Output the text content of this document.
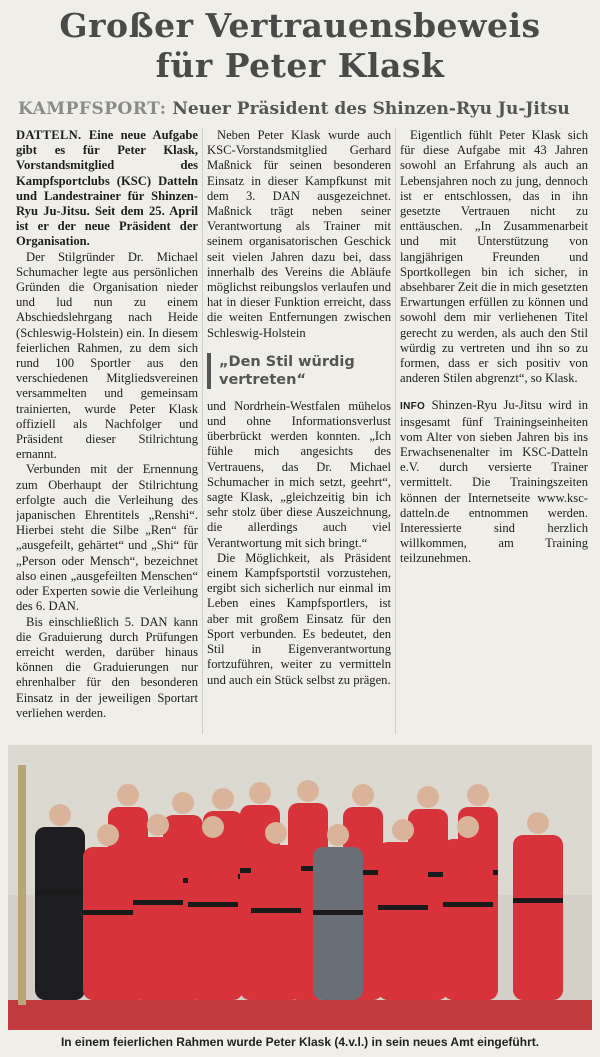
Großer Vertrauensbeweis
für Peter Klask
KAMPFSPORT: Neuer Präsident des Shinzen-Ryu Ju-Jitsu

DATTELN. Eine neue Aufgabe gibt es für Peter Klask, Vorstandsmitglied des Kampfsportclubs (KSC) Datteln und Landestrainer für Shinzen-Ryu Ju-Jitsu. Seit dem 25. April ist er der neue Präsident der Organisation.

Der Stilgründer Dr. Michael Schumacher legte aus persönlichen Gründen die Organisation nieder und lud nun zu einem Abschiedslehrgang nach Heide (Schleswig-Holstein) ein. In diesem feierlichen Rahmen, zu dem sich rund 100 Sportler aus den verschiedenen Mitgliedsvereinen versammelten und gemeinsam trainierten, wurde Peter Klask offiziell als Nachfolger und Präsident dieser Stilrichtung ernannt.

Verbunden mit der Ernennung zum Oberhaupt der Stilrichtung erfolgte auch die Verleihung des japanischen Ehrentitels „Renshi“. Hierbei steht die Silbe „Ren“ für „ausgefeilt, gehärtet“ und „Shi“ für „Person oder Mensch“, bezeichnet also einen „ausgefeilten Menschen“ oder Experten sowie die Verleihung des 6. DAN.

Bis einschließlich 5. DAN kann die Graduierung durch Prüfungen erreicht werden, darüber hinaus können die Graduierungen nur ehrenhalber für den besonderen Einsatz in der jeweiligen Sportart verliehen werden.

Neben Peter Klask wurde auch KSC-Vorstandsmitglied Gerhard Maßnick für seinen besonderen Einsatz in dieser Kampfkunst mit dem 3. DAN ausgezeichnet. Maßnick trägt neben seiner Verantwortung als Trainer mit seinem organisatorischen Geschick seit vielen Jahren dazu bei, dass innerhalb des Vereins die Abläufe möglichst reibungslos verlaufen und hat in dieser Funktion erreicht, dass die weiten Entfernungen zwischen Schleswig-Holstein

„Den Stil würdig vertreten“

und Nordrhein-Westfalen mühelos und ohne Informationsverlust überbrückt werden konnten. „Ich fühle mich angesichts des Vertrauens, das Dr. Michael Schumacher in mich setzt, geehrt“, sagte Klask, „gleichzeitig bin ich sehr stolz über diese Auszeichnung, die allerdings auch viel Verantwortung mit sich bringt.“

Die Möglichkeit, als Präsident einem Kampfsportstil vorzustehen, ergibt sich sicherlich nur einmal im Leben eines Kampfsportlers, ist aber mit großem Einsatz für den Sport verbunden. Es bedeutet, den Stil in Eigenverantwortung fortzuführen, weiter zu vermitteln und auch ein Stück selbst zu prägen.

Eigentlich fühlt Peter Klask sich für diese Aufgabe mit 43 Jahren sowohl an Erfahrung als auch an Lebensjahren noch zu jung, dennoch ist er entschlossen, das in ihn gesetzte Vertrauen nicht zu enttäuschen. „In Zusammenarbeit und mit Unterstützung von langjährigen Freunden und Sportkollegen bin ich sicher, in absehbarer Zeit die in mich gesetzten Erwartungen erfüllen zu können und sowohl dem mir verliehenen Titel gerecht zu werden, als auch den Stil würdig zu vertreten und ihn so zu formen, dass er sich positiv von anderen Stilen abgrenzt“, so Klask.

INFO Shinzen-Ryu Ju-Jitsu wird in insgesamt fünf Trainingseinheiten vom Alter von sieben Jahren bis ins Erwachsenenalter im KSC-Datteln e.V. durch versierte Trainer vermittelt. Die Trainingszeiten können der Internetseite www.ksc-datteln.de entnommen werden. Interessierte sind herzlich willkommen, am Training teilzunehmen.

In einem feierlichen Rahmen wurde Peter Klask (4.v.l.) in sein neues Amt eingeführt.
